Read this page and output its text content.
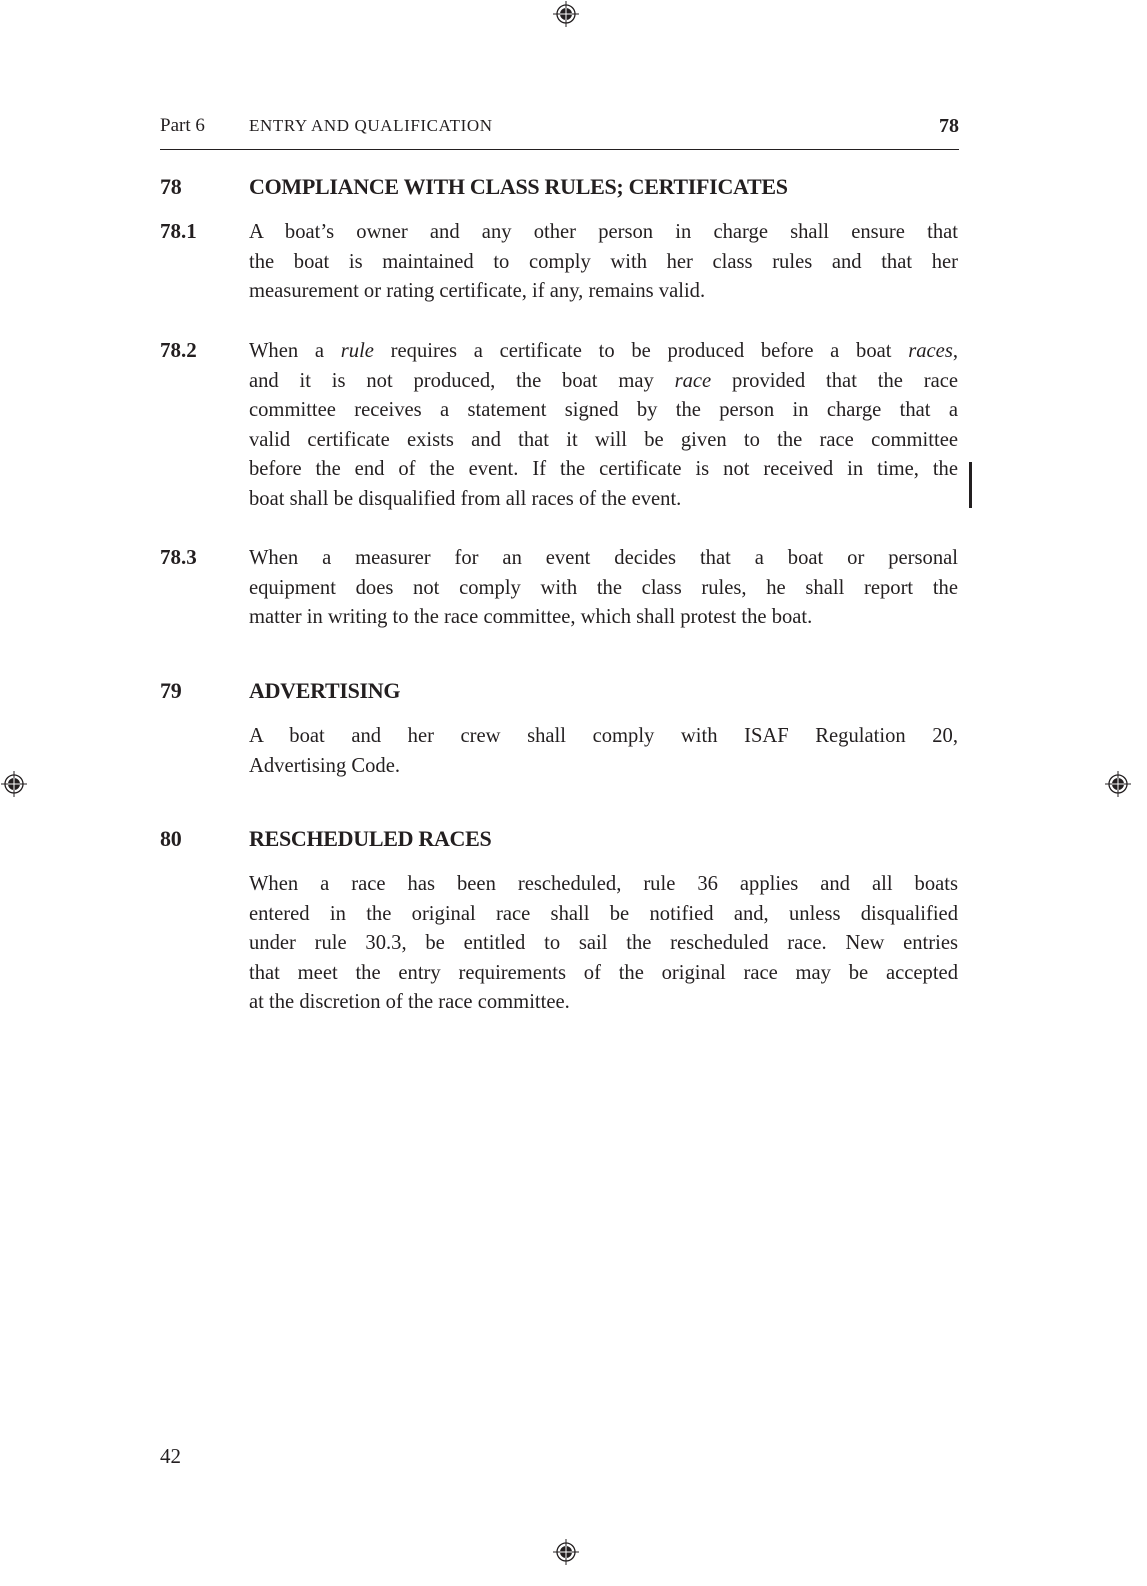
Part 6	ENTRY AND QUALIFICATION	78
78	COMPLIANCE WITH CLASS RULES; CERTIFICATES
78.1	A boat’s owner and any other person in charge shall ensure that
the boat is maintained to comply with her class rules and that her
measurement or rating certificate, if any, remains valid.
78.2	When a rule requires a certificate to be produced before a boat races,
and it is not produced, the boat may race provided that the race
committee receives a statement signed by the person in charge that a
valid certificate exists and that it will be given to the race committee
before the end of the event. If the certificate is not received in time, the
boat shall be disqualified from all races of the event.
78.3	When a measurer for an event decides that a boat or personal
equipment does not comply with the class rules, he shall report the
matter in writing to the race committee, which shall protest the boat.
79	ADVERTISING
A boat and her crew shall comply with ISAF Regulation 20,
Advertising Code.
80	RESCHEDULED RACES
When a race has been rescheduled, rule 36 applies and all boats
entered in the original race shall be notified and, unless disqualified
under rule 30.3, be entitled to sail the rescheduled race. New entries
that meet the entry requirements of the original race may be accepted
at the discretion of the race committee.
42
